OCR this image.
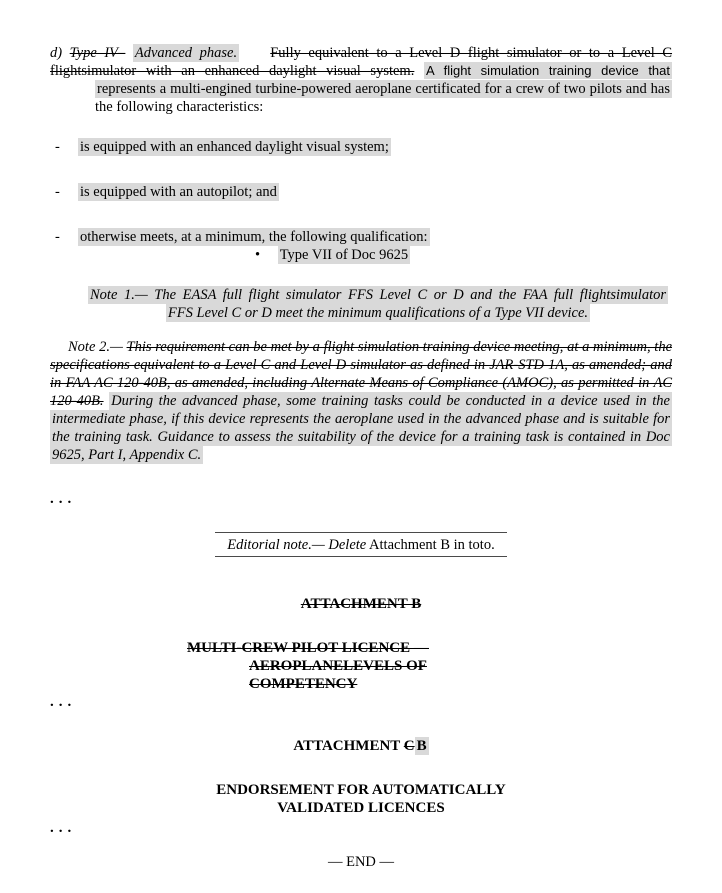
d) Type IV– Advanced phase. Fully equivalent to a Level D flight simulator or to a Level C
flightsimulator with an enhanced daylight visual system. A flight simulation training device that
represents a multi-engined turbine-powered aeroplane certificated for a crew of two pilots and has the following characteristics:
- is equipped with an enhanced daylight visual system;
- is equipped with an autopilot; and
- otherwise meets, at a minimum, the following qualification:
• Type VII of Doc 9625
Note 1.— The EASA full flight simulator FFS Level C or D and the FAA full flightsimulator
FFS Level C or D meet the minimum qualifications of a Type VII device.
Note 2.— This requirement can be met by a flight simulation training device meeting, at a minimum, the specifications equivalent to a Level C and Level D simulator as defined in JAR-STD 1A, as amended; and in FAA AC 120-40B, as amended, including Alternate Means of Compliance (AMOC), as permitted in AC 120-40B. During the advanced phase, some training tasks could be conducted in a device used in the intermediate phase, if this device represents the aeroplane used in the advanced phase and is suitable for the training task. Guidance to assess the suitability of the device for a training task is contained in Doc 9625, Part I, Appendix C.
...
Editorial note.— Delete Attachment B in toto.
ATTACHMENT B
MULTI-CREW PILOT LICENCE —
AEROPLANELEVELS OF
COMPETENCY
...
ATTACHMENT C B
ENDORSEMENT FOR AUTOMATICALLY
VALIDATED LICENCES
...
— END —
